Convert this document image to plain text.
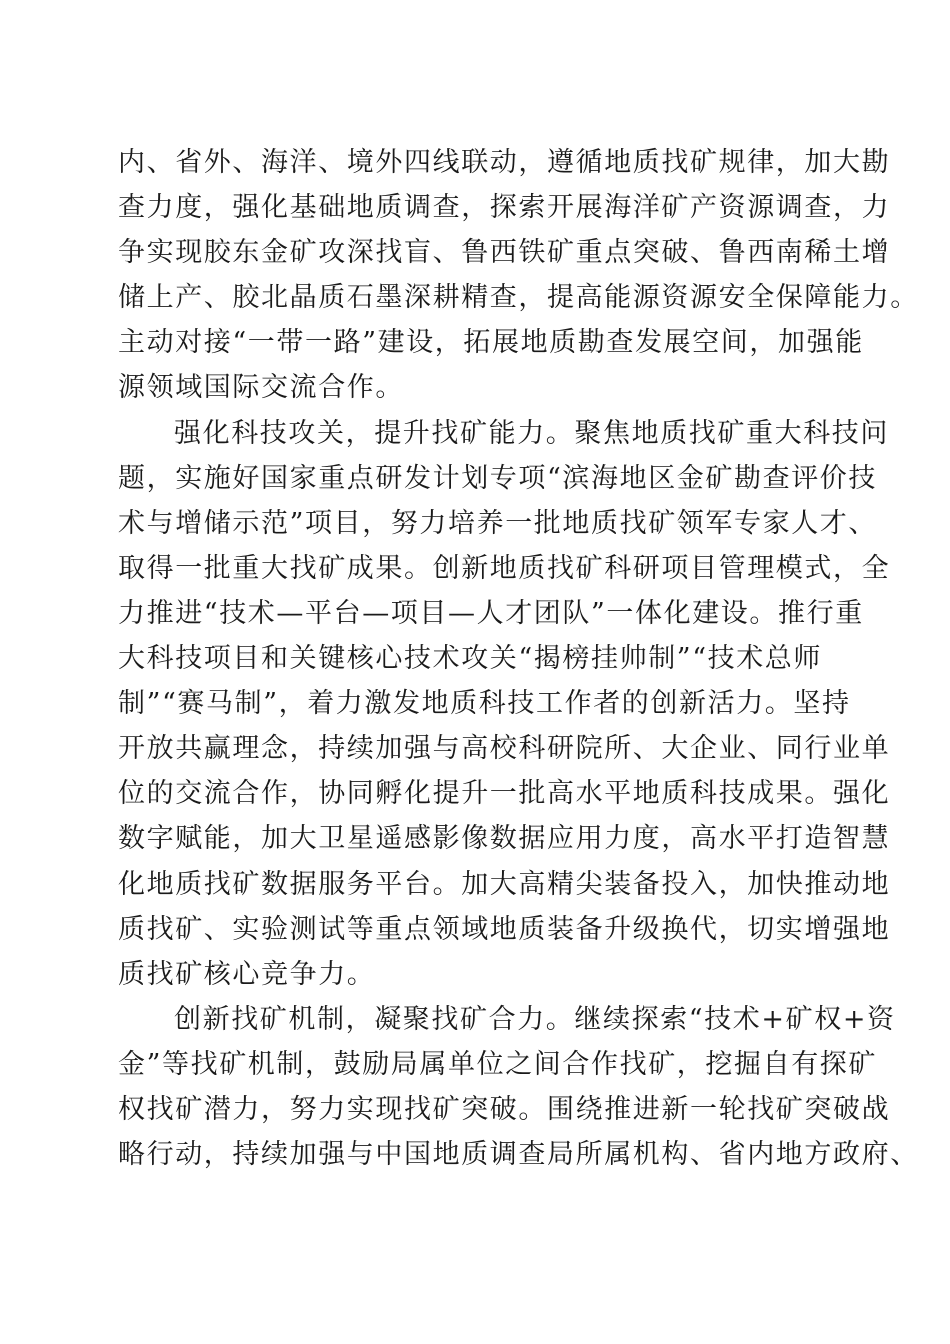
内、省外、海洋、境外四线联动，遵循地质找矿规律，加大勘
查力度，强化基础地质调查，探索开展海洋矿产资源调查，力
争实现胶东金矿攻深找盲、鲁西铁矿重点突破、鲁西南稀土增
储上产、胶北晶质石墨深耕精查，提高能源资源安全保障能力。
主动对接“一带一路”建设，拓展地质勘查发展空间，加强能
源领域国际交流合作。
强化科技攻关，提升找矿能力。聚焦地质找矿重大科技问
题，实施好国家重点研发计划专项“滨海地区金矿勘查评价技
术与增储示范”项目，努力培养一批地质找矿领军专家人才、
取得一批重大找矿成果。创新地质找矿科研项目管理模式，全
力推进“技术—平台—项目—人才团队”一体化建设。推行重
大科技项目和关键核心技术攻关“揭榜挂帅制”“技术总师
制”“赛马制”，着力激发地质科技工作者的创新活力。坚持
开放共赢理念，持续加强与高校科研院所、大企业、同行业单
位的交流合作，协同孵化提升一批高水平地质科技成果。强化
数字赋能，加大卫星遥感影像数据应用力度，高水平打造智慧
化地质找矿数据服务平台。加大高精尖装备投入，加快推动地
质找矿、实验测试等重点领域地质装备升级换代，切实增强地
质找矿核心竞争力。
创新找矿机制，凝聚找矿合力。继续探索“技术+矿权+资
金”等找矿机制，鼓励局属单位之间合作找矿，挖掘自有探矿
权找矿潜力，努力实现找矿突破。围绕推进新一轮找矿突破战
略行动，持续加强与中国地质调查局所属机构、省内地方政府、
